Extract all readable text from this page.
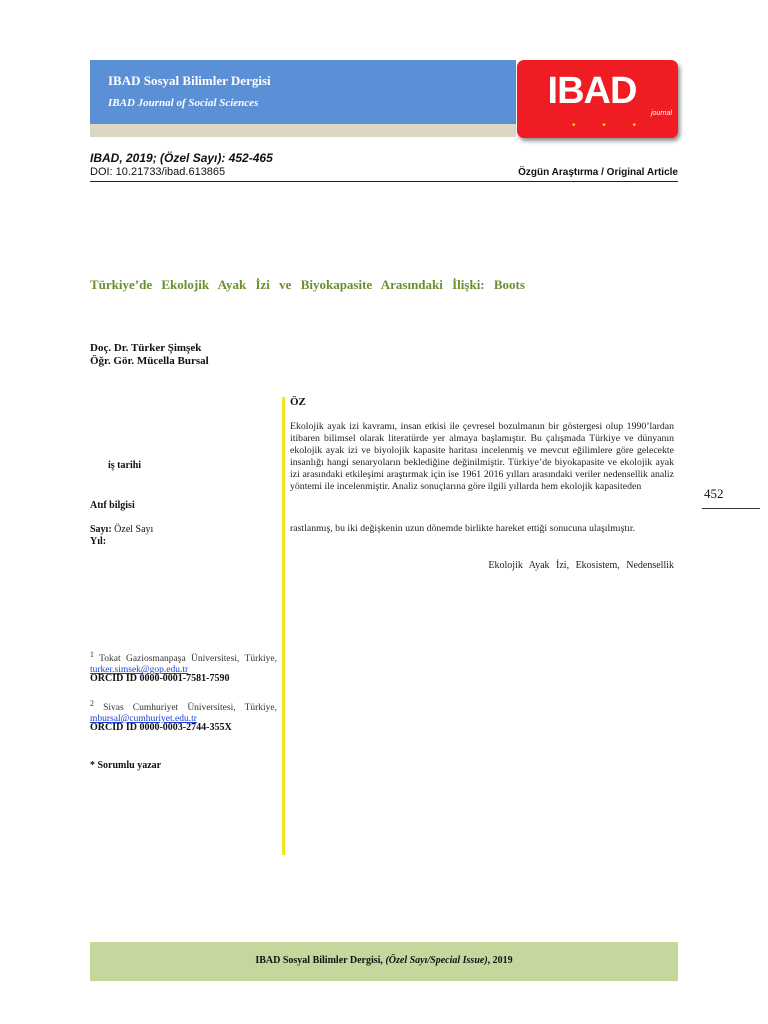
IBAD Sosyal Bilimler Dergisi
IBAD Journal of Social Sciences	IBAD
journal
• • •
IBAD, 2019; (Özel Sayı): 452-465
DOI: 10.21733/ibad.613865	Özgün Araştırma / Original Article
Türkiye’de Ekolojik Ayak İzi ve Biyokapasite Arasındaki İlişki: Boots
Doç. Dr. Türker Şimşek
Öğr. Gör. Mücella Bursal
iş tarihi
Atıf bilgisi
Sayı: Özel Sayı
Yıl:
$^1$ Tokat Gaziosmanpaşa Üniversitesi, Türkiye, turker.simsek@gop.edu.tr
ORCID ID 0000-0001-7581-7590
$^2$ Sivas Cumhuriyet Üniversitesi, Türkiye, mbursal@cumhuriyet.edu.tr
ORCID ID 0000-0003-2744-355X
* Sorumlu yazar
ÖZ
Ekolojik ayak izi kavramı, insan etkisi ile çevresel bozulmanın bir göstergesi olup 1990’lardan itibaren bilimsel olarak literatürde yer almaya başlamıştır. Bu çalışmada Türkiye ve dünyanın ekolojik ayak izi ve biyolojik kapasite haritası incelenmiş ve mevcut eğilimlere göre gelecekte insanlığı hangi senaryoların beklediğine değinilmiştir. Türkiye’de biyokapasite ve ekolojik ayak izi arasındaki etkileşimi araştırmak için ise 1961 2016 yılları arasındaki veriler nedensellik analiz yöntemi ile incelenmiştir. Analiz sonuçlarına göre ilgili yıllarda hem ekolojik kapasiteden
rastlanmış, bu iki değişkenin uzun dönemde birlikte hareket ettiği sonucuna ulaşılmıştır.
Ekolojik Ayak İzi, Ekosistem, Nedensellik
452
IBAD Sosyal Bilimler Dergisi, (Özel Sayı/Special Issue), 2019
